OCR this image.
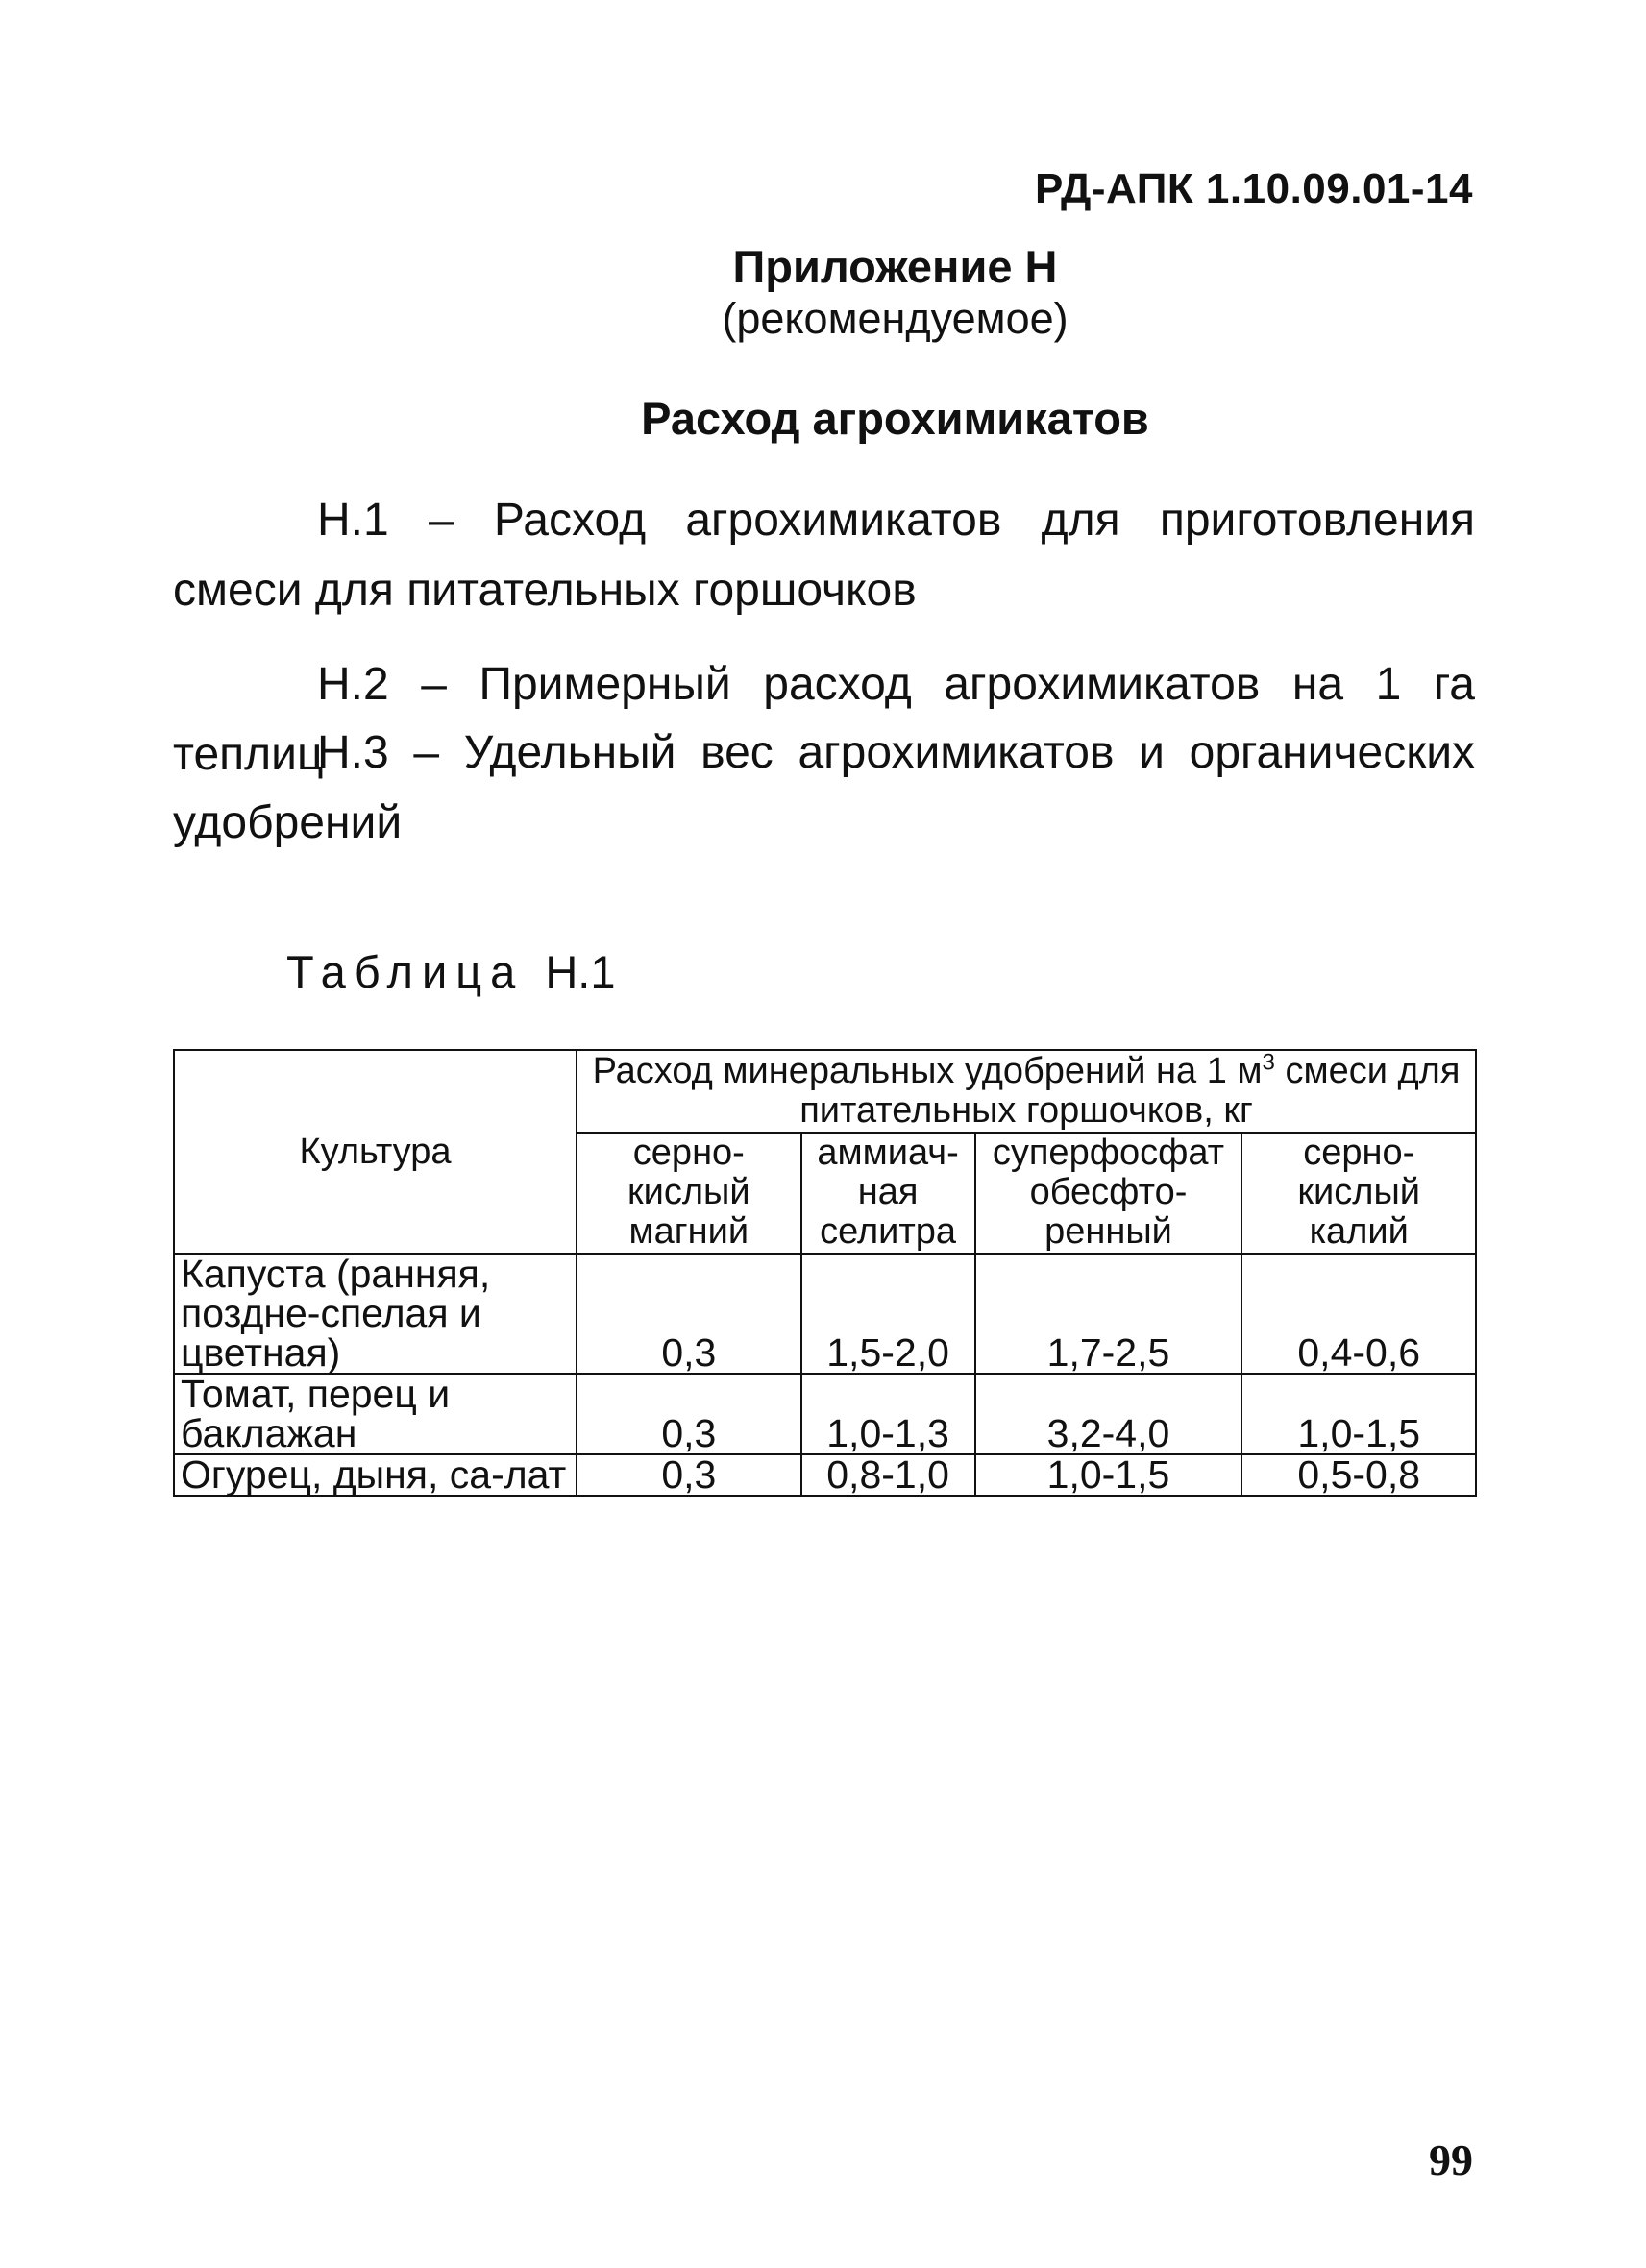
РД-АПК 1.10.09.01-14
Приложение Н
(рекомендуемое)
Расход агрохимикатов
Н.1 – Расход агрохимикатов для приготовления смеси для питательных горшочков
Н.2 – Примерный расход агрохимикатов на 1 га теплиц
Н.3 – Удельный вес агрохимикатов и органических удобрений
Таблица Н.1
Культура	Расход минеральных удобрений на 1 $м^3$ смеси для питательных горшочков, кг			
	серно-кислый магний	аммиач-ная селитра	суперфосфат обесфто-ренный	серно-кислый калий
Капуста (ранняя, поздне-спелая и цветная)	0,3	1,5-2,0	1,7-2,5	0,4-0,6
Томат, перец и баклажан	0,3	1,0-1,3	3,2-4,0	1,0-1,5
Огурец, дыня, са-лат	0,3	0,8-1,0	1,0-1,5	0,5-0,8
99
